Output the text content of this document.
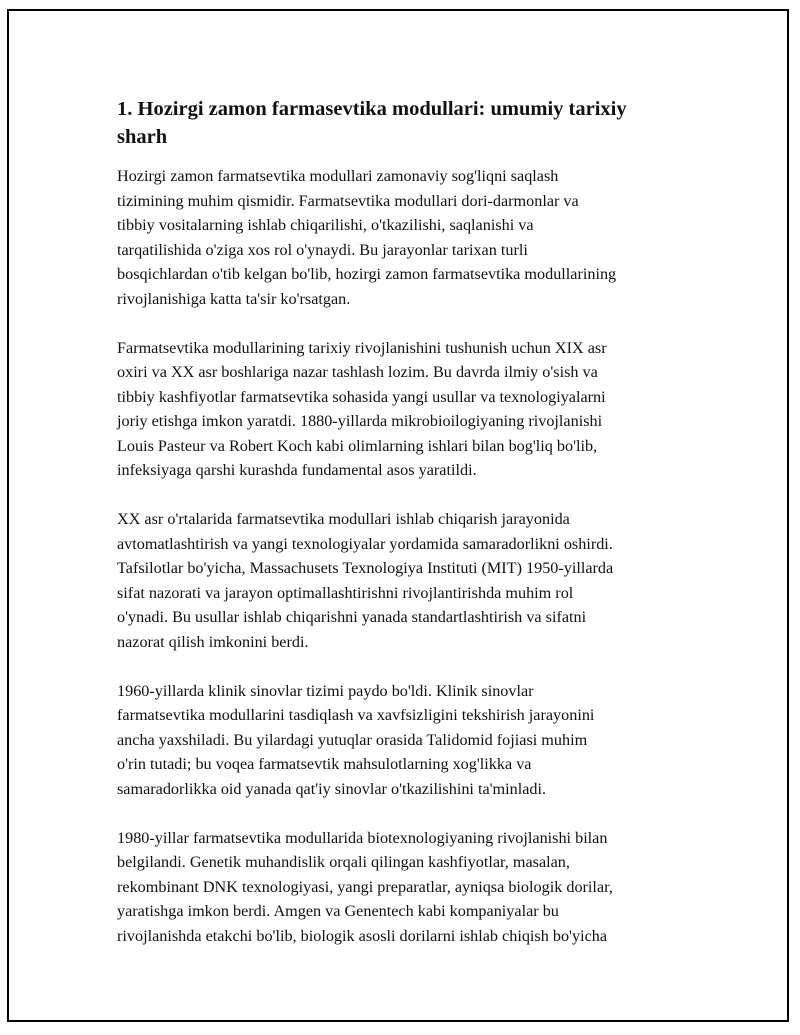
1. Hozirgi zamon farmasevtika modullari: umumiy tarixiy sharh

Hozirgi zamon farmatsevtika modullari zamonaviy sog'liqni saqlash
tizimining muhim qismidir. Farmatsevtika modullari dori-darmonlar va
tibbiy vositalarning ishlab chiqarilishi, o'tkazilishi, saqlanishi va
tarqatilishida o'ziga xos rol o'ynaydi. Bu jarayonlar tarixan turli
bosqichlardan o'tib kelgan bo'lib, hozirgi zamon farmatsevtika modullarining
rivojlanishiga katta ta'sir ko'rsatgan.

Farmatsevtika modullarining tarixiy rivojlanishini tushunish uchun XIX asr
oxiri va XX asr boshlariga nazar tashlash lozim. Bu davrda ilmiy o'sish va
tibbiy kashfiyotlar farmatsevtika sohasida yangi usullar va texnologiyalarni
joriy etishga imkon yaratdi. 1880-yillarda mikrobioilogiyaning rivojlanishi
Louis Pasteur va Robert Koch kabi olimlarning ishlari bilan bog'liq bo'lib,
infeksiyaga qarshi kurashda fundamental asos yaratildi.

XX asr o'rtalarida farmatsevtika modullari ishlab chiqarish jarayonida
avtomatlashtirish va yangi texnologiyalar yordamida samaradorlikni oshirdi.
Tafsilotlar bo'yicha, Massachusets Texnologiya Instituti (MIT) 1950-yillarda
sifat nazorati va jarayon optimallashtirishni rivojlantirishda muhim rol
o'ynadi. Bu usullar ishlab chiqarishni yanada standartlashtirish va sifatni
nazorat qilish imkonini berdi.

1960-yillarda klinik sinovlar tizimi paydo bo'ldi. Klinik sinovlar
farmatsevtika modullarini tasdiqlash va xavfsizligini tekshirish jarayonini
ancha yaxshiladi. Bu yilardagi yutuqlar orasida Talidomid fojiasi muhim
o'rin tutadi; bu voqea farmatsevtik mahsulotlarning xog'likka va
samaradorlikka oid yanada qat'iy sinovlar o'tkazilishini ta'minladi.

1980-yillar farmatsevtika modullarida biotexnologiyaning rivojlanishi bilan
belgilandi. Genetik muhandislik orqali qilingan kashfiyotlar, masalan,
rekombinant DNK texnologiyasi, yangi preparatlar, ayniqsa biologik dorilar,
yaratishga imkon berdi. Amgen va Genentech kabi kompaniyalar bu
rivojlanishda etakchi bo'lib, biologik asosli dorilarni ishlab chiqish bo'yicha
